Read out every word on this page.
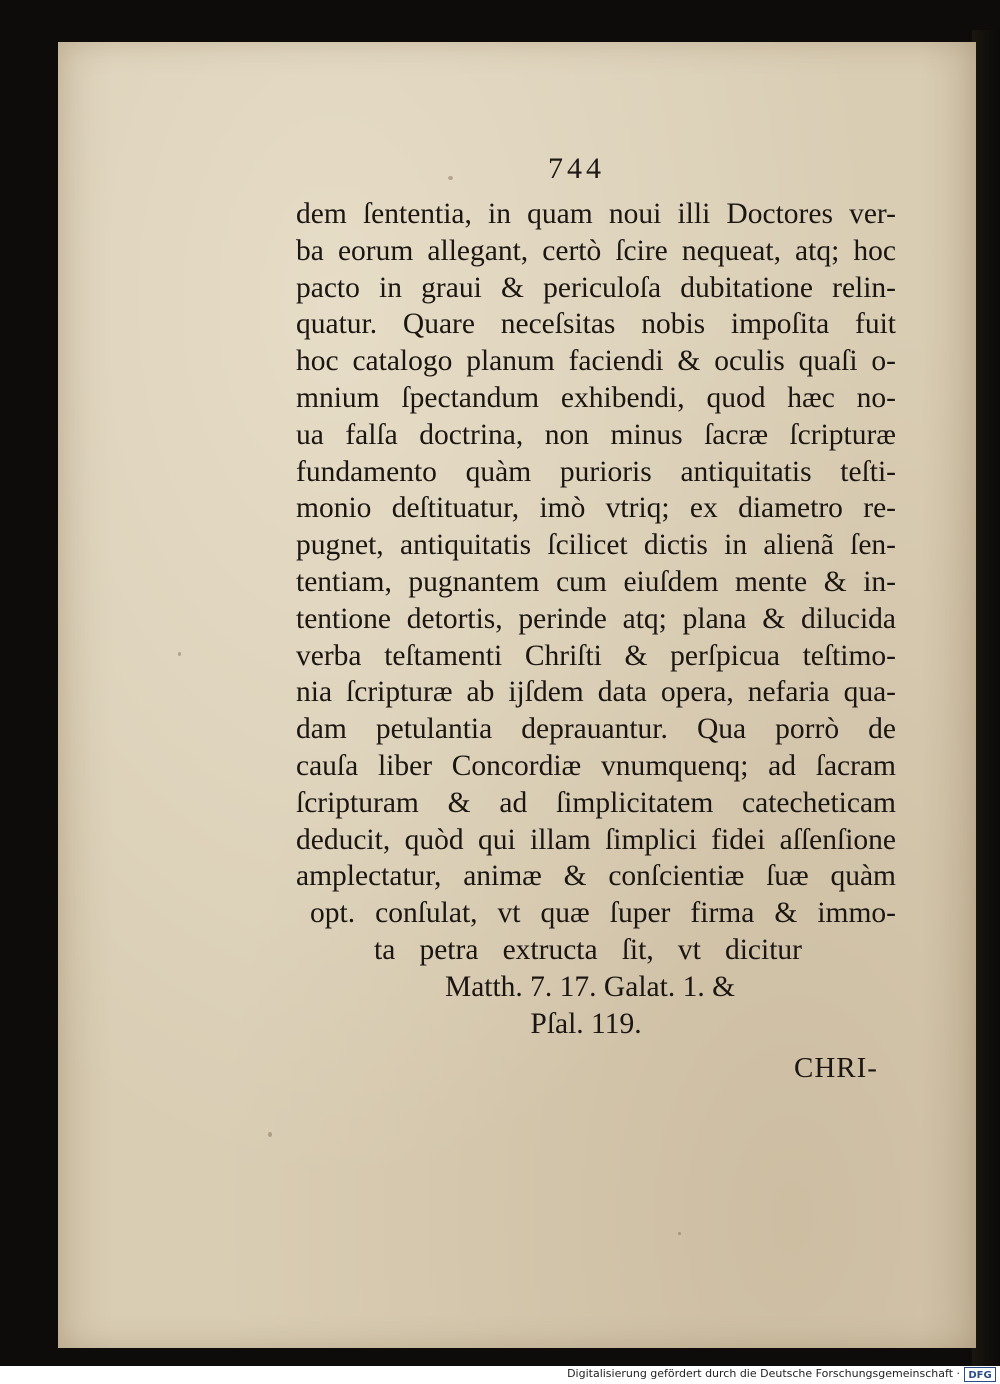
744
dem ſententia, in quam noui illi Doctores ver-
ba eorum allegant, certò ſcire nequeat, atq; hoc
pacto in graui & periculoſa dubitatione relin-
quatur. Quare neceſsitas nobis impoſita fuit
hoc catalogo planum faciendi & oculis quaſi o-
mnium ſpectandum exhibendi, quod hæc no-
ua falſa doctrina, non minus ſacræ ſcripturæ
fundamento quàm purioris antiquitatis teſti-
monio deſtituatur, imò vtriq; ex diametro re-
pugnet, antiquitatis ſcilicet dictis in alienã ſen-
tentiam, pugnantem cum eiuſdem mente & in-
tentione detortis, perinde atq; plana & dilucida
verba teſtamenti Chriſti & perſpicua teſtimo-
nia ſcripturæ ab ijſdem data opera, nefaria qua-
dam petulantia deprauantur. Qua porrò de
cauſa liber Concordiæ vnumquenq; ad ſacram
ſcripturam & ad ſimplicitatem catecheticam
deducit, quòd qui illam ſimplici fidei aſſenſione
amplectatur, animæ & conſcientiæ ſuæ quàm
opt. conſulat, vt quæ ſuper firma & immo-
ta petra extructa ſit, vt dicitur
Matth. 7. 17. Galat. 1. &
Pſal. 119.
CHRI-
Digitalisierung gefördert durch die Deutsche Forschungsgemeinschaft · DFG
